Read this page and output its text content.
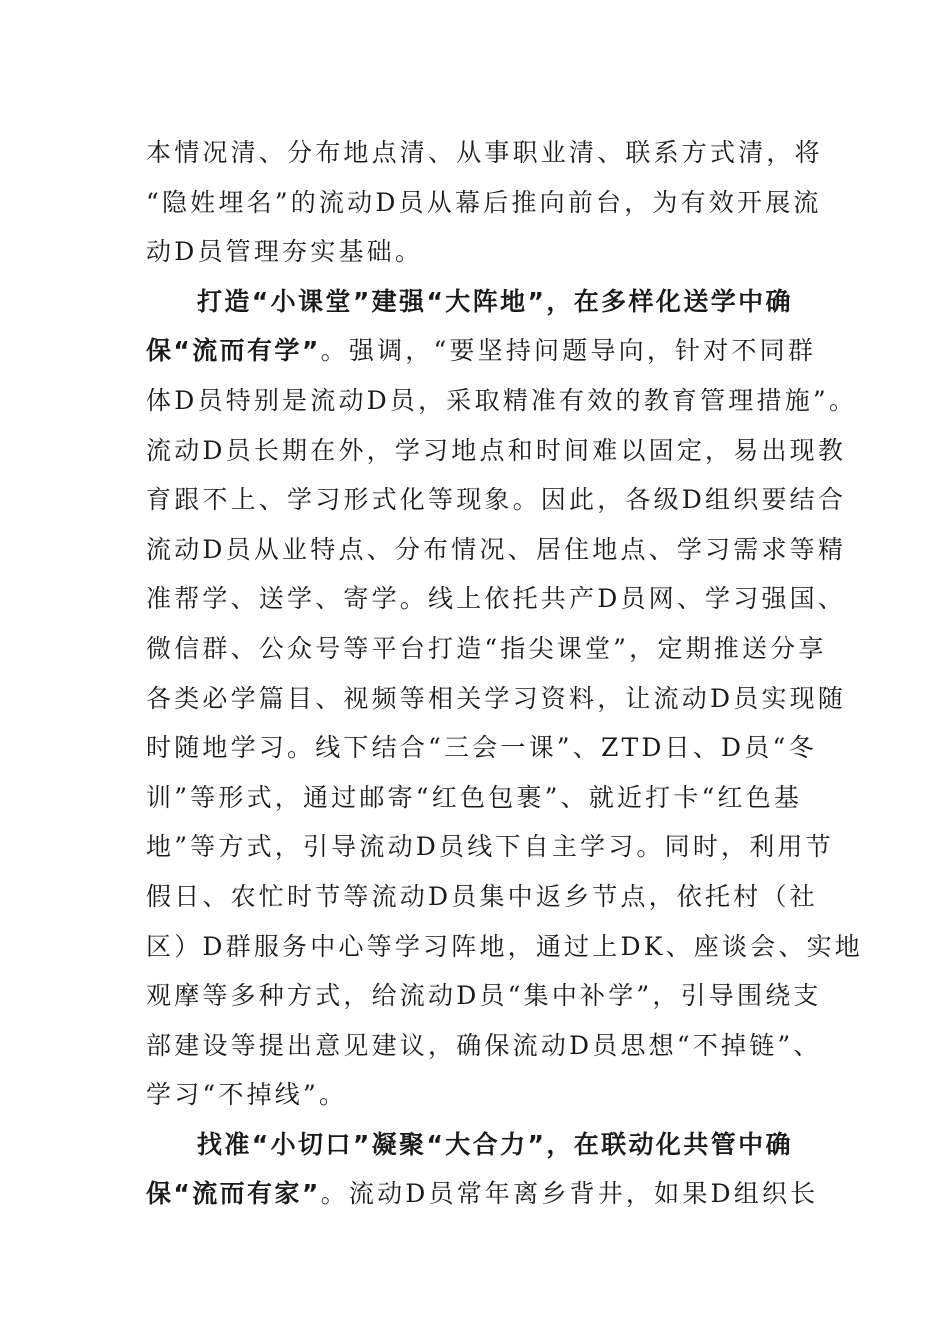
本情况清、分布地点清、从事职业清、联系方式清，将
“隐姓埋名”的流动D员从幕后推向前台，为有效开展流
动D员管理夯实基础。
打造“小课堂”建强“大阵地”，在多样化送学中确
保“流而有学”。强调，“要坚持问题导向，针对不同群
体D员特别是流动D员，采取精准有效的教育管理措施”。
流动D员长期在外，学习地点和时间难以固定，易出现教
育跟不上、学习形式化等现象。因此，各级D组织要结合
流动D员从业特点、分布情况、居住地点、学习需求等精
准帮学、送学、寄学。线上依托共产D员网、学习强国、
微信群、公众号等平台打造“指尖课堂”，定期推送分享
各类必学篇目、视频等相关学习资料，让流动D员实现随
时随地学习。线下结合“三会一课”、ZTD日、D员“冬
训”等形式，通过邮寄“红色包裹”、就近打卡“红色基
地”等方式，引导流动D员线下自主学习。同时，利用节
假日、农忙时节等流动D员集中返乡节点，依托村（社
区）D群服务中心等学习阵地，通过上DK、座谈会、实地
观摩等多种方式，给流动D员“集中补学”，引导围绕支
部建设等提出意见建议，确保流动D员思想“不掉链”、
学习“不掉线”。
找准“小切口”凝聚“大合力”，在联动化共管中确
保“流而有家”。流动D员常年离乡背井，如果D组织长
